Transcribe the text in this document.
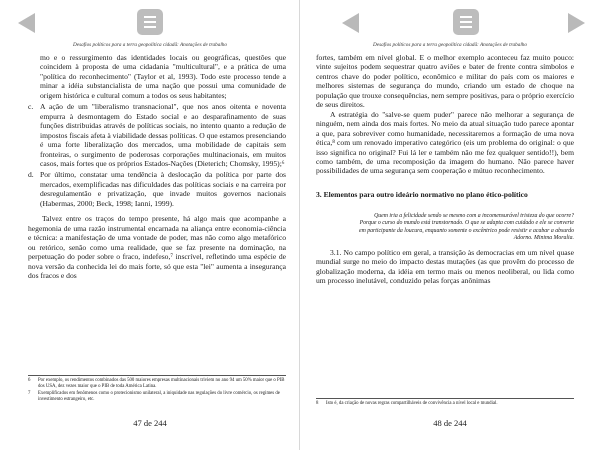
Desafios políticos para a terra geopolítica cidadã: Anotações de trabalho

mo e o ressurgimento das identidades locais ou geográficas, questões que coincidem à proposta de uma cidadania "multicultural", e a prática de uma "política do reconhecimento" (Taylor et al, 1993). Todo este processo tende a minar a idéia substancialista de uma nação que possui uma comunidade de origem histórica e cultural comum a todos os seus habitantes;

c. A ação de um "liberalismo transnacional", que nos anos oitenta e noventa empurra à desmontagem do Estado social e ao desparafinamento de suas funções distribuidas através de políticas sociais, no intento quanto a redução de impostos fiscais afeta à viabilidade dessas políticas. O que estamos presenciando é uma forte liberalização dos mercados, uma mobilidade de capitais sem fronteiras, o surgimento de poderosas corporações multinacionais, em muitos casos, mais fortes que os próprios Estados-Nações (Dieterich; Chomsky, 1995);⁶
d. Por último, constatar uma tendência à deslocação da política por parte dos mercados, exemplificadas nas dificuldades das políticas sociais e na carreira por desregulamentão e privatização, que invade muitos governos nacionais (Habermas, 2000; Beck, 1998; Ianni, 1999).

Talvez entre os traços do tempo presente, há algo mais que acompanhe a hegemonia de uma razão instrumental encarnada na aliança entre economia-ciência e técnica: a manifestação de uma vontade de poder, mas não como algo metafórico ou retórico, senão como uma realidade, que se faz presente na dominação, na perpetuação do poder sobre o fraco, indefeso,⁷ inscrível, refletindo uma espécie de nova versão da conhecida lei do mais forte, só que esta "lei" aumenta a insegurança dos fracos e dos

6	Por exemplo, os rendimentos combinados das 500 maiores empresas multinacionais triviem no ano 94 um 50% maior que o PIB dos USA, dez vezes maior que o PIB de toda América Latina.
7	Exemplificados em fenômenos como o protecionismo unilateral, a iniquidade nas regulações do livre comércio, os regimes de investimento estrangeiro, etc.
47 de 244
Desafios políticos para a terra geopolítica cidadã: Anotações de trabalho

fortes, também em nível global. E o melhor exemplo aconteceu faz muito pouco: vinte sujeitos podem sequestrar quatro aviões e bater de frente contra símbolos e centros chave do poder político, econômico e militar do país com os maiores e melhores sistemas de segurança do mundo, criando um estado de choque na população que trouxe consequências, nem sempre positivas, para o próprio exercício de seus direitos.

A estratégia do "salve-se quem puder" parece não melhorar a segurança de ninguém, nem ainda dos mais fortes. No meio da atual situação tudo parece apontar a que, para sobreviver como humanidade, necessitaremos a formação de uma nova ética,⁸ com um renovado imperativo categórico (eis um problema do original: o que isso significa no original? Fui lá ler e também não me fez qualquer sentido!!), bem como também, de uma recomposição da imagem do humano. Não parece haver possibilidades de uma segurança sem cooperação e mútuo reconhecimento.

3. Elementos para outro ideário normativo no plano ético-político
Quem iria a felicidade sendo se mesmo com a incomensurável tristeza do que ocorre? Porque o curso do mundo está transtornado. O que se adapta com cuidado e ele se converte em participante da loucura, enquanto somente o excêntrico pode resistir e acabar a absurdo
Adorno. Minima Moralia.

3.1. No campo político em geral, a transição às democracias em um nível quase mundial surge no meio do impacto destas mutações (as que provêm do processo de globalização moderna, da idéia em termo mais ou menos neoliberal, ou lida como um processo inelutável, conduzido pelas forças anônimas

8	Isto é, da criação de novas regras compartilháveis de convivência a nível local e mundial.
48 de 244
